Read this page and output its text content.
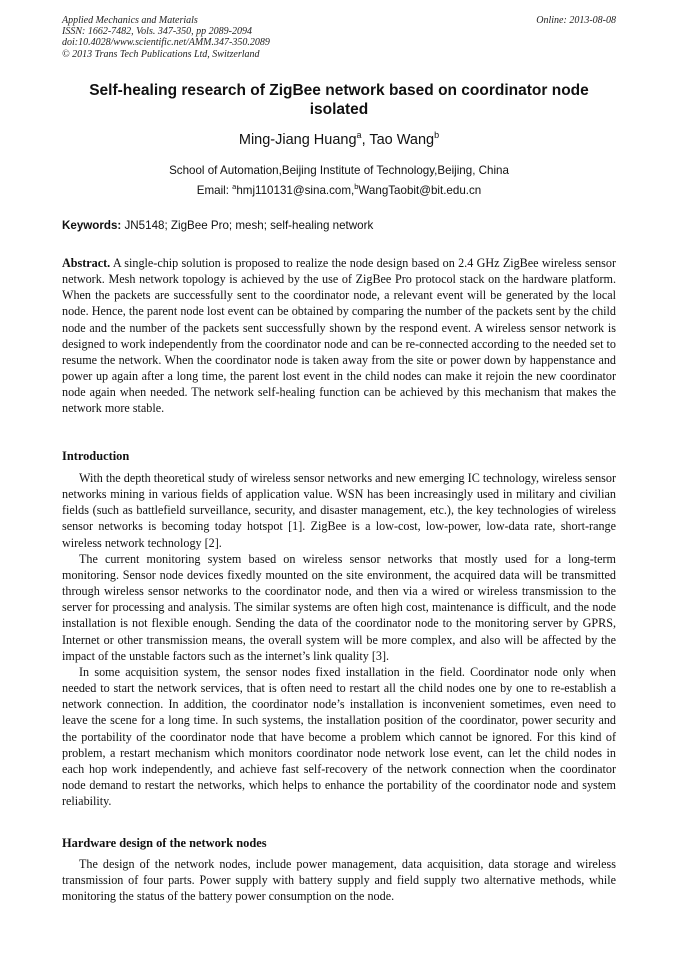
Applied Mechanics and Materials
ISSN: 1662-7482, Vols. 347-350, pp 2089-2094
doi:10.4028/www.scientific.net/AMM.347-350.2089
© 2013 Trans Tech Publications Ltd, Switzerland
Online: 2013-08-08
Self-healing research of ZigBee network based on coordinator node isolated
Ming-Jiang Huang$^a$, Tao Wang$^b$
School of Automation,Beijing Institute of Technology,Beijing, China
Email: $^a$hmj110131@sina.com,$^b$WangTaobit@bit.edu.cn
Keywords: JN5148; ZigBee Pro; mesh; self-healing network
Abstract. A single-chip solution is proposed to realize the node design based on 2.4 GHz ZigBee wireless sensor network. Mesh network topology is achieved by the use of ZigBee Pro protocol stack on the hardware platform. When the packets are successfully sent to the coordinator node, a relevant event will be generated by the local node. Hence, the parent node lost event can be obtained by comparing the number of the packets sent by the child node and the number of the packets sent successfully shown by the respond event. A wireless sensor network is designed to work independently from the coordinator node and can be re-connected according to the needed set to resume the network. When the coordinator node is taken away from the site or power down by happenstance and power up again after a long time, the parent lost event in the child nodes can make it rejoin the new coordinator node again when needed. The network self-healing function can be achieved by this mechanism that makes the network more stable.
Introduction

With the depth theoretical study of wireless sensor networks and new emerging IC technology, wireless sensor networks mining in various fields of application value. WSN has been increasingly used in military and civilian fields (such as battlefield surveillance, security, and disaster management, etc.), the key technologies of wireless sensor networks is becoming today hotspot [1]. ZigBee is a low-cost, low-power, low-data rate, short-range wireless network technology [2].

The current monitoring system based on wireless sensor networks that mostly used for a long-term monitoring. Sensor node devices fixedly mounted on the site environment, the acquired data will be transmitted through wireless sensor networks to the coordinator node, and then via a wired or wireless transmission to the server for processing and analysis. The similar systems are often high cost, maintenance is difficult, and the node installation is not flexible enough. Sending the data of the coordinator node to the monitoring server by GPRS, Internet or other transmission means, the overall system will be more complex, and also will be affected by the impact of the unstable factors such as the internet’s link quality [3].

In some acquisition system, the sensor nodes fixed installation in the field. Coordinator node only when needed to start the network services, that is often need to restart all the child nodes one by one to re-establish a network connection. In addition, the coordinator node’s installation is inconvenient sometimes, even need to leave the scene for a long time. In such systems, the installation position of the coordinator, power security and the portability of the coordinator node that have become a problem which cannot be ignored. For this kind of problem, a restart mechanism which monitors coordinator node network lose event, can let the child nodes in each hop work independently, and achieve fast self-recovery of the network connection when the coordinator node demand to restart the networks, which helps to enhance the portability of the coordinator node and system reliability.

Hardware design of the network nodes

The design of the network nodes, include power management, data acquisition, data storage and wireless transmission of four parts. Power supply with battery supply and field supply two alternative methods, while monitoring the status of the battery power consumption on the node.
